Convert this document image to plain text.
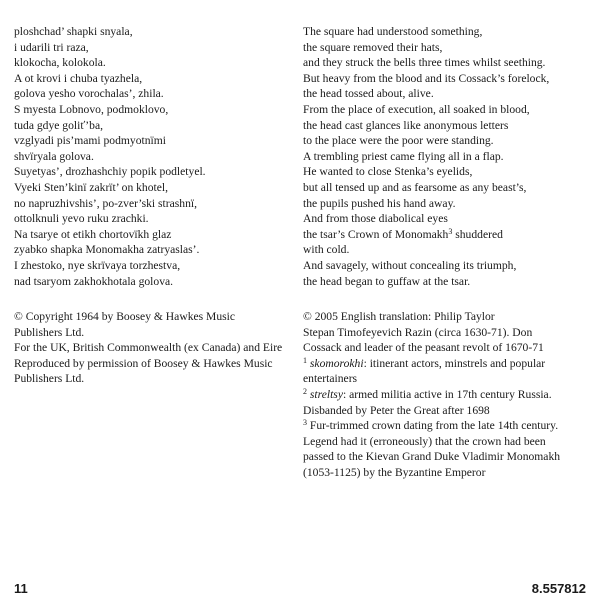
ploshchad’ shapki snyala,
i udarili tri raza,
klokocha, kolokola.
A ot krovi i chuba tyazhela,
golova yesho vorochalas’, zhila.
S myesta Lobnovo, podmoklovo,
tuda gdye goliť’ba,
vzglyadi pis’mami podmyotnïmi
shvïryala golova.
Suyetyas’, drozhashchiy popik podletyel.
Vyeki Sten’kinï zakrït’ on khotel,
no napruzhivshis’, po-zver’ski strashnï,
ottolknuli yevo ruku zrachki.
Na tsarye ot etikh chortovïkh glaz
zyabko shapka Monomakha zatryaslas’.
I zhestoko, nye skrïvaya torzhestva,
nad tsaryom zakhokhotala golova.
© Copyright 1964 by Boosey & Hawkes Music
Publishers Ltd.
For the UK, British Commonwealth (ex Canada) and Eire
Reproduced by permission of Boosey & Hawkes Music
Publishers Ltd.
The square had understood something,
the square removed their hats,
and they struck the bells three times whilst seething.
But heavy from the blood and its Cossack’s forelock,
the head tossed about, alive.
From the place of execution, all soaked in blood,
the head cast glances like anonymous letters
to the place were the poor were standing.
A trembling priest came flying all in a flap.
He wanted to close Stenka’s eyelids,
but all tensed up and as fearsome as any beast’s,
the pupils pushed his hand away.
And from those diabolical eyes
the tsar’s Crown of Monomakh$^3$ shuddered
with cold.
And savagely, without concealing its triumph,
the head began to guffaw at the tsar.
© 2005 English translation: Philip Taylor
Stepan Timofeyevich Razin (circa 1630-71). Don
Cossack and leader of the peasant revolt of 1670-71
$^1$ skomorokhi: itinerant actors, minstrels and popular
entertainers
$^2$ streltsy: armed militia active in 17th century Russia.
Disbanded by Peter the Great after 1698
$^3$ Fur-trimmed crown dating from the late 14th century.
Legend had it (erroneously) that the crown had been
passed to the Kievan Grand Duke Vladimir Monomakh
(1053-1125) by the Byzantine Emperor
11	8.557812
